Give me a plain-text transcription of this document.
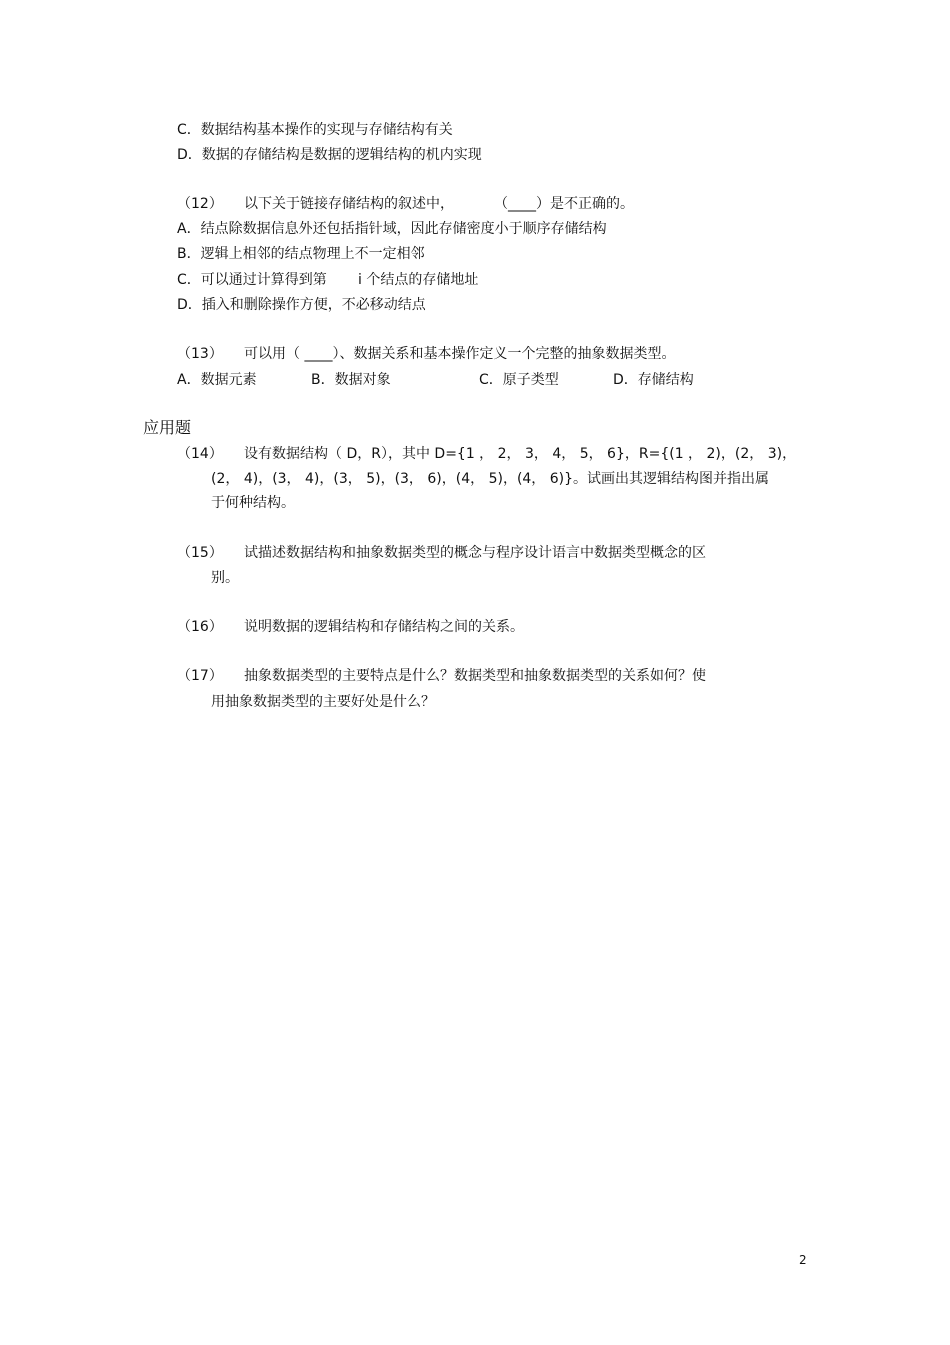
C．数据结构基本操作的实现与存储结构有关
D．数据的存储结构是数据的逻辑结构的机内实现
（12） 以下关于链接存储结构的叙述中，	（____）是不正确的。
A．结点除数据信息外还包括指针域，因此存储密度小于顺序存储结构
B．逻辑上相邻的结点物理上不一定相邻
C．可以通过计算得到第 i 个结点的存储地址
D．插入和删除操作方便，不必移动结点
（13） 可以用（ ____）、数据关系和基本操作定义一个完整的抽象数据类型。
A．数据元素	B．数据对象	C．原子类型	D．存储结构
应用题
（14） 设有数据结构（ D，R），其中 D={1 ， 2， 3， 4， 5， 6}，R={(1 ， 2)，(2， 3)，
(2， 4)，(3， 4)，(3， 5)，(3， 6)，(4， 5)，(4， 6)}。试画出其逻辑结构图并指出属
于何种结构。
（15） 试描述数据结构和抽象数据类型的概念与程序设计语言中数据类型概念的区
别。
（16） 说明数据的逻辑结构和存储结构之间的关系。
（17） 抽象数据类型的主要特点是什么？数据类型和抽象数据类型的关系如何？使
用抽象数据类型的主要好处是什么？
2
